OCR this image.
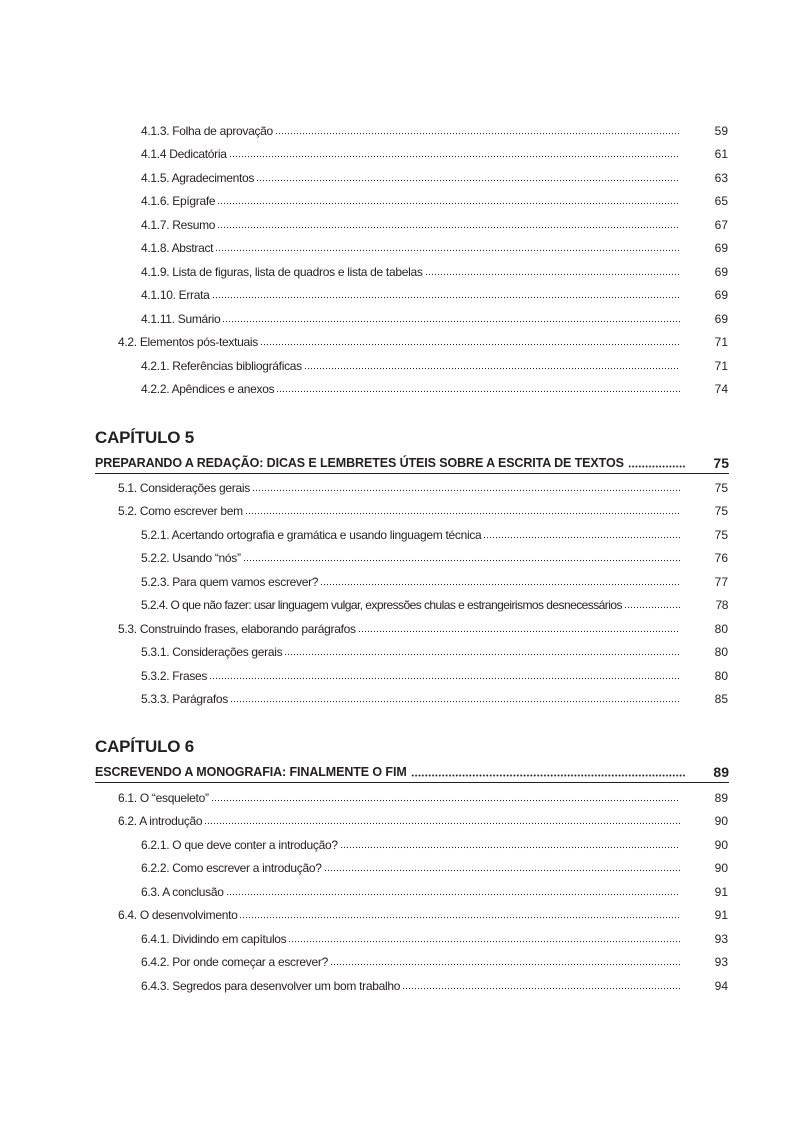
4.1.3. Folha de aprovação	59
4.1.4 Dedicatória	61
4.1.5. Agradecimentos	63
4.1.6. Epígrafe	65
4.1.7. Resumo	67
4.1.8. Abstract	69
4.1.9. Lista de figuras, lista de quadros e lista de tabelas	69
4.1.10. Errata	69
4.1.11. Sumário	69
4.2. Elementos pós-textuais	71
4.2.1. Referências bibliográficas	71
4.2.2. Apêndices e anexos	74
CAPÍTULO 5
PREPARANDO A REDAÇÃO: DICAS E LEMBRETES ÚTEIS SOBRE A ESCRITA DE TEXTOS	75
5.1. Considerações gerais	75
5.2. Como escrever bem	75
5.2.1. Acertando ortografia e gramática e usando linguagem técnica	75
5.2.2. Usando “nós”	76
5.2.3. Para quem vamos escrever?	77
5.2.4. O que não fazer: usar linguagem vulgar, expressões chulas e estrangeirismos desnecessários	78
5.3. Construindo frases, elaborando parágrafos	80
5.3.1. Considerações gerais	80
5.3.2. Frases	80
5.3.3. Parágrafos	85
CAPÍTULO 6
ESCREVENDO A MONOGRAFIA: FINALMENTE O FIM	89
6.1. O “esqueleto”	89
6.2. A introdução	90
6.2.1. O que deve conter a introdução?	90
6.2.2. Como escrever a introdução?	90
6.3. A conclusão	91
6.4. O desenvolvimento	91
6.4.1. Dividindo em capítulos	93
6.4.2. Por onde começar a escrever?	93
6.4.3. Segredos para desenvolver um bom trabalho	94
